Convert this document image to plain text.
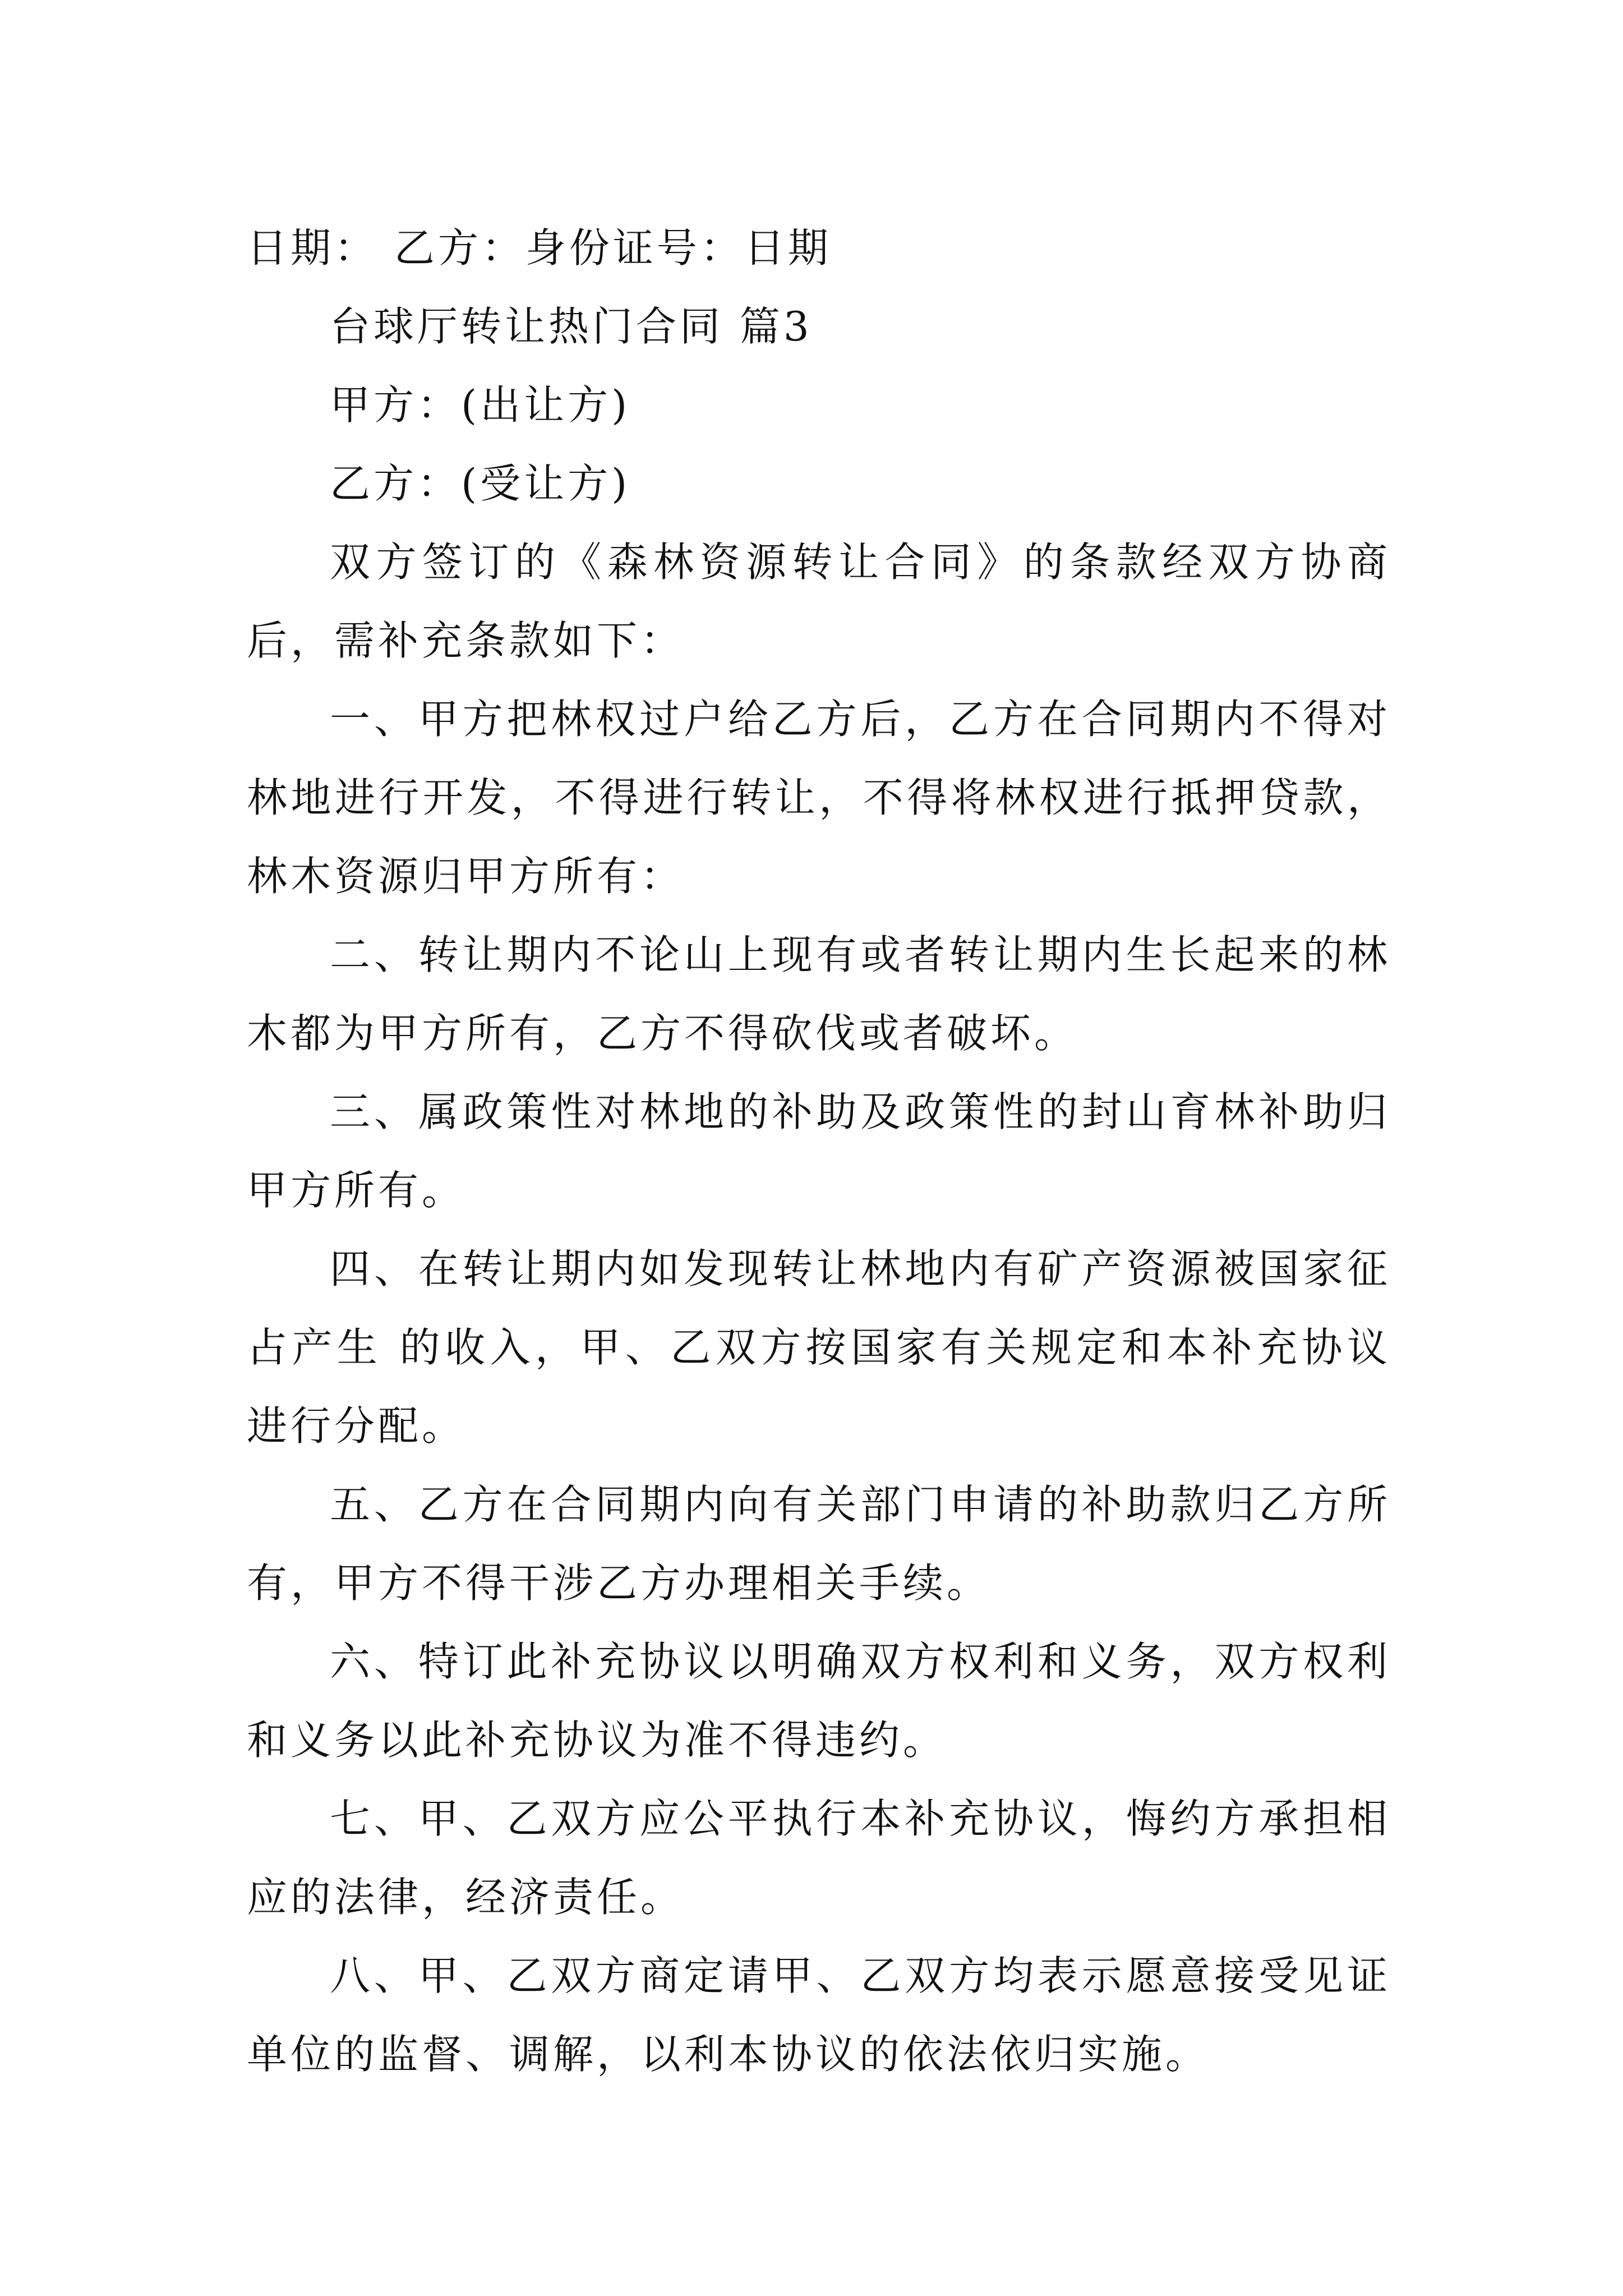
日期： 乙方：身份证号：日期
台球厅转让热门合同 篇3
甲方：(出让方)
乙方：(受让方)

双方签订的《森林资源转让合同》的条款经双方协商后，需补充条款如下：

一、甲方把林权过户给乙方后，乙方在合同期内不得对林地进行开发，不得进行转让，不得将林权进行抵押贷款，林木资源归甲方所有：

二、转让期内不论山上现有或者转让期内生长起来的林木都为甲方所有，乙方不得砍伐或者破坏。

三、属政策性对林地的补助及政策性的封山育林补助归甲方所有。

四、在转让期内如发现转让林地内有矿产资源被国家征占产生 的收入，甲、乙双方按国家有关规定和本补充协议进行分配。

五、乙方在合同期内向有关部门申请的补助款归乙方所有，甲方不得干涉乙方办理相关手续。

六、特订此补充协议以明确双方权利和义务，双方权利和义务以此补充协议为准不得违约。

七、甲、乙双方应公平执行本补充协议，悔约方承担相应的法律，经济责任。

八、甲、乙双方商定请甲、乙双方均表示愿意接受见证单位的监督、调解，以利本协议的依法依归实施。
